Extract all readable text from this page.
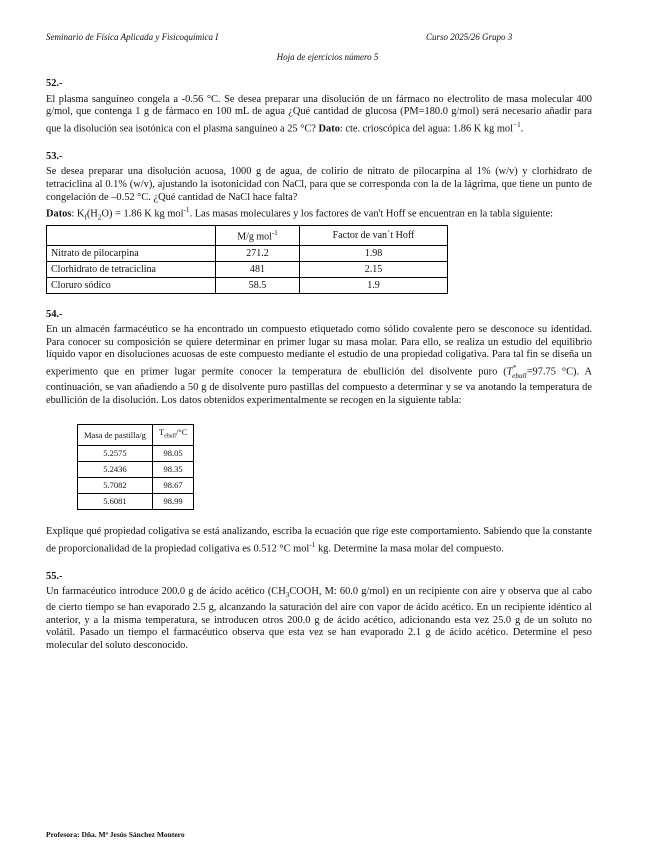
Seminario de Física Aplicada y Fisicoquímica I	Curso 2025/26 Grupo 3
Hoja de ejercicios número 5
52.-
El plasma sanguíneo congela a -0.56 °C. Se desea preparar una disolución de un fármaco no electrolito de masa molecular 400 g/mol, que contenga 1 g de fármaco en 100 mL de agua ¿Qué cantidad de glucosa (PM=180.0 g/mol) será necesario añadir para que la disolución sea isotónica con el plasma sanguíneo a 25 °C? Dato: cte. crioscópica del agua: 1.86 K kg mol$^{-1}$.
53.-
Se desea preparar una disolución acuosa, 1000 g de agua, de colirio de nitrato de pilocarpina al 1% (w/v) y clorhidrato de tetraciclina al 0.1% (w/v), ajustando la isotonicidad con NaCl, para que se corresponda con la de la lágrima, que tiene un punto de congelación de –0.52 °C. ¿Qué cantidad de NaCl hace falta?
Datos: $K_f(H_2O) = 1.86$ K kg mol$^{-1}$. Las masas moleculares y los factores de van't Hoff se encuentran en la tabla siguiente:
	M/g mol$^{-1}$	Factor de van´t Hoff
Nitrato de pilocarpina	271.2	1.98
Clorhidrato de tetraciclina	481	2.15
Cloruro sódico	58.5	1.9
54.-
En un almacén farmacéutico se ha encontrado un compuesto etiquetado como sólido covalente pero se desconoce su identidad. Para conocer su composición se quiere determinar en primer lugar su masa molar. Para ello, se realiza un estudio del equilibrio líquido vapor en disoluciones acuosas de este compuesto mediante el estudio de una propiedad coligativa. Para tal fin se diseña un experimento que en primer lugar permite conocer la temperatura de ebullición del disolvente puro ($T^*_{ebull}=97.75$ °C). A continuación, se van añadiendo a 50 g de disolvente puro pastillas del compuesto a determinar y se va anotando la temperatura de ebullición de la disolución. Los datos obtenidos experimentalmente se recogen en la siguiente tabla:
Masa de pastilla/g	$T_{ebull}/^\circ C$
5.2575	98.05
5.2436	98.35
5.7082	98.67
5.6081	98.99
Explique qué propiedad coligativa se está analizando, escriba la ecuación que rige este comportamiento. Sabiendo que la constante de proporcionalidad de la propiedad coligativa es 0.512 °C mol$^{-1}$ kg. Determine la masa molar del compuesto.
55.-
Un farmacéutico introduce 200.0 g de ácido acético ($CH_3COOH$, M: 60.0 g/mol) en un recipiente con aire y observa que al cabo de cierto tiempo se han evaporado 2.5 g, alcanzando la saturación del aire con vapor de ácido acético. En un recipiente idéntico al anterior, y a la misma temperatura, se introducen otros 200.0 g de ácido acético, adicionando esta vez 25.0 g de un soluto no volátil. Pasado un tiempo el farmacéutico observa que esta vez se han evaporado 2.1 g de ácido acético. Determine el peso molecular del soluto desconocido.
Profesora: Dña. Mª Jesús Sánchez Montero
